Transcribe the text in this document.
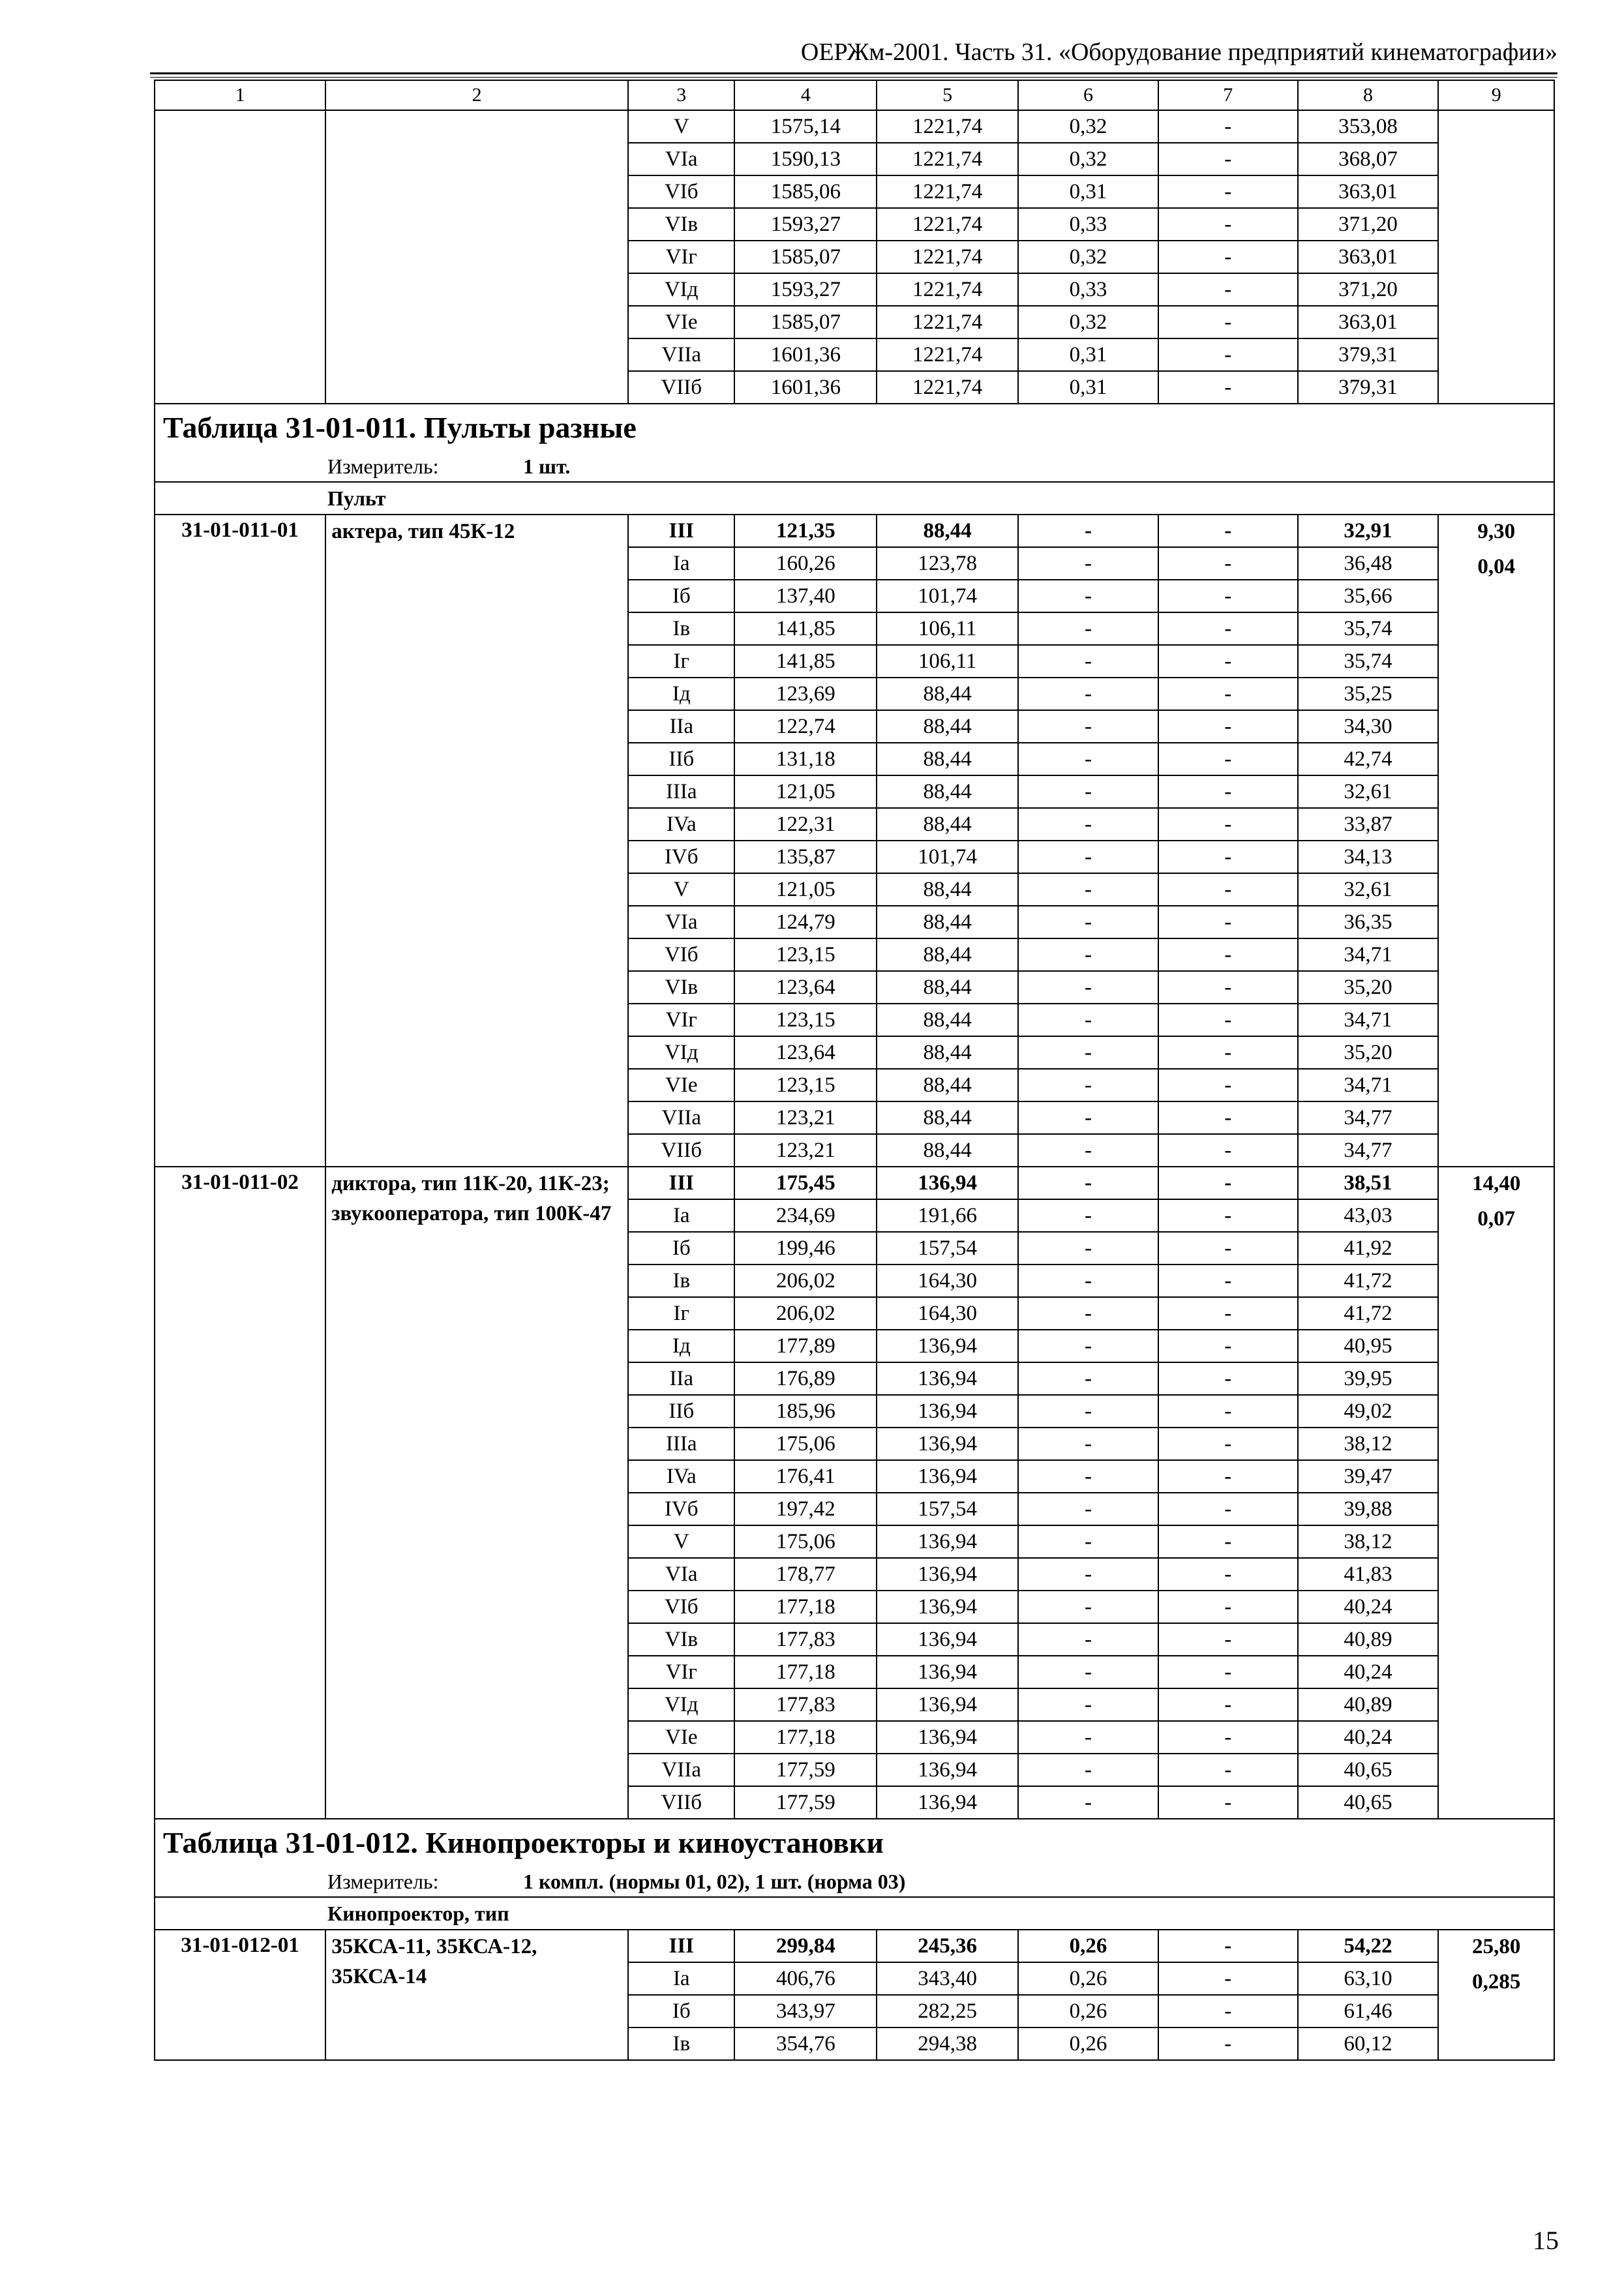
ОЕРЖм-2001. Часть 31. «Оборудование предприятий кинематографии»
1	2	3	4	5	6	7	8	9
		V	1575,14	1221,74	0,32	-	353,08	
		VIa	1590,13	1221,74	0,32	-	368,07	
		VIб	1585,06	1221,74	0,31	-	363,01	
		VIв	1593,27	1221,74	0,33	-	371,20	
		VIг	1585,07	1221,74	0,32	-	363,01	
		VIд	1593,27	1221,74	0,33	-	371,20	
		VIe	1585,07	1221,74	0,32	-	363,01	
		VIIa	1601,36	1221,74	0,31	-	379,31	
		VIIб	1601,36	1221,74	0,31	-	379,31	
Таблица 31-01-011. Пульты разные								
Измеритель: 1 шт.								
Пульт								
31-01-011-01	актера, тип 45К-12	III	121,35	88,44	-	-	32,91	9,30
0,04

		Ia	160,26	123,78	-	-	36,48	
		Iб	137,40	101,74	-	-	35,66	
		Iв	141,85	106,11	-	-	35,74	
		Iг	141,85	106,11	-	-	35,74	
		Iд	123,69	88,44	-	-	35,25	
		IIa	122,74	88,44	-	-	34,30	
		IIб	131,18	88,44	-	-	42,74	
		IIIa	121,05	88,44	-	-	32,61	
		IVa	122,31	88,44	-	-	33,87	
		IVб	135,87	101,74	-	-	34,13	
		V	121,05	88,44	-	-	32,61	
		VIa	124,79	88,44	-	-	36,35	
		VIб	123,15	88,44	-	-	34,71	
		VIв	123,64	88,44	-	-	35,20	
		VIг	123,15	88,44	-	-	34,71	
		VIд	123,64	88,44	-	-	35,20	
		VIe	123,15	88,44	-	-	34,71	
		VIIa	123,21	88,44	-	-	34,77	
		VIIб	123,21	88,44	-	-	34,77	
31-01-011-02	диктора, тип 11К-20, 11К-23; звукооператора, тип 100К-47	III	175,45	136,94	-	-	38,51	14,40
0,07

		Ia	234,69	191,66	-	-	43,03	
		Iб	199,46	157,54	-	-	41,92	
		Iв	206,02	164,30	-	-	41,72	
		Iг	206,02	164,30	-	-	41,72	
		Iд	177,89	136,94	-	-	40,95	
		IIa	176,89	136,94	-	-	39,95	
		IIб	185,96	136,94	-	-	49,02	
		IIIa	175,06	136,94	-	-	38,12	
		IVa	176,41	136,94	-	-	39,47	
		IVб	197,42	157,54	-	-	39,88	
		V	175,06	136,94	-	-	38,12	
		VIa	178,77	136,94	-	-	41,83	
		VIб	177,18	136,94	-	-	40,24	
		VIв	177,83	136,94	-	-	40,89	
		VIг	177,18	136,94	-	-	40,24	
		VIд	177,83	136,94	-	-	40,89	
		VIe	177,18	136,94	-	-	40,24	
		VIIa	177,59	136,94	-	-	40,65	
		VIIб	177,59	136,94	-	-	40,65	
Таблица 31-01-012. Кинопроекторы и киноустановки								
Измеритель: 1 компл. (нормы 01, 02), 1 шт. (норма 03)								
Кинопроектор, тип								
31-01-012-01	35КСА-11, 35КСА-12, 35КСА-14	III	299,84	245,36	0,26	-	54,22	25,80
0,285

		Ia	406,76	343,40	0,26	-	63,10	
		Iб	343,97	282,25	0,26	-	61,46	
		Iв	354,76	294,38	0,26	-	60,12	
15
